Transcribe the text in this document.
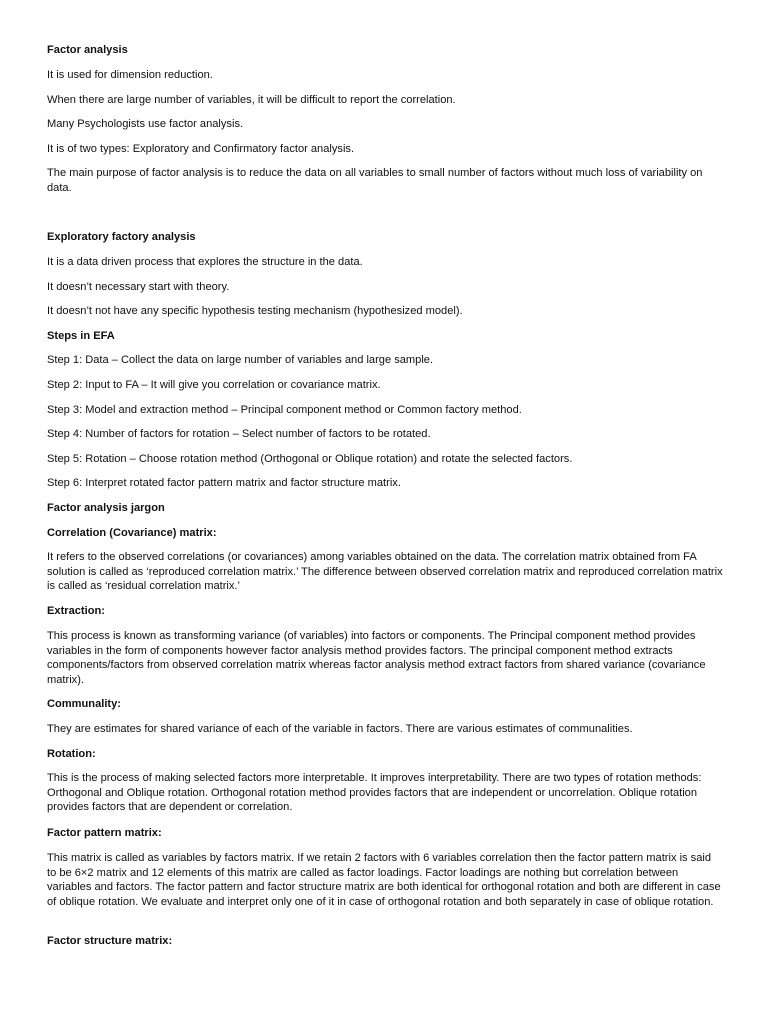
Factor analysis

It is used for dimension reduction.

When there are large number of variables, it will be difficult to report the correlation.

Many Psychologists use factor analysis.

It is of two types: Exploratory and Confirmatory factor analysis.

The main purpose of factor analysis is to reduce the data on all variables to small number of factors without much loss of variability on data.

Exploratory factory analysis

It is a data driven process that explores the structure in the data.

It doesn’t necessary start with theory.

It doesn’t not have any specific hypothesis testing mechanism (hypothesized model).

Steps in EFA

Step 1: Data – Collect the data on large number of variables and large sample.

Step 2: Input to FA – It will give you correlation or covariance matrix.

Step 3: Model and extraction method – Principal component method or Common factory method.

Step 4: Number of factors for rotation – Select number of factors to be rotated.

Step 5: Rotation – Choose rotation method (Orthogonal or Oblique rotation) and rotate the selected factors.

Step 6: Interpret rotated factor pattern matrix and factor structure matrix.

Factor analysis jargon

Correlation (Covariance) matrix:

It refers to the observed correlations (or covariances) among variables obtained on the data. The correlation matrix obtained from FA solution is called as ‘reproduced correlation matrix.’ The difference between observed correlation matrix and reproduced correlation matrix is called as ‘residual correlation matrix.’

Extraction:

This process is known as transforming variance (of variables) into factors or components. The Principal component method provides variables in the form of components however factor analysis method provides factors. The principal component method extracts components/factors from observed correlation matrix whereas factor analysis method extract factors from shared variance (covariance matrix).

Communality:

They are estimates for shared variance of each of the variable in factors. There are various estimates of communalities.

Rotation:

This is the process of making selected factors more interpretable. It improves interpretability. There are two types of rotation methods: Orthogonal and Oblique rotation. Orthogonal rotation method provides factors that are independent or uncorrelation. Oblique rotation provides factors that are dependent or correlation.

Factor pattern matrix:

This matrix is called as variables by factors matrix. If we retain 2 factors with 6 variables correlation then the factor pattern matrix is said to be 6×2 matrix and 12 elements of this matrix are called as factor loadings. Factor loadings are nothing but correlation between variables and factors. The factor pattern and factor structure matrix are both identical for orthogonal rotation and both are different in case of oblique rotation. We evaluate and interpret only one of it in case of orthogonal rotation and both separately in case of oblique rotation.

Factor structure matrix:
